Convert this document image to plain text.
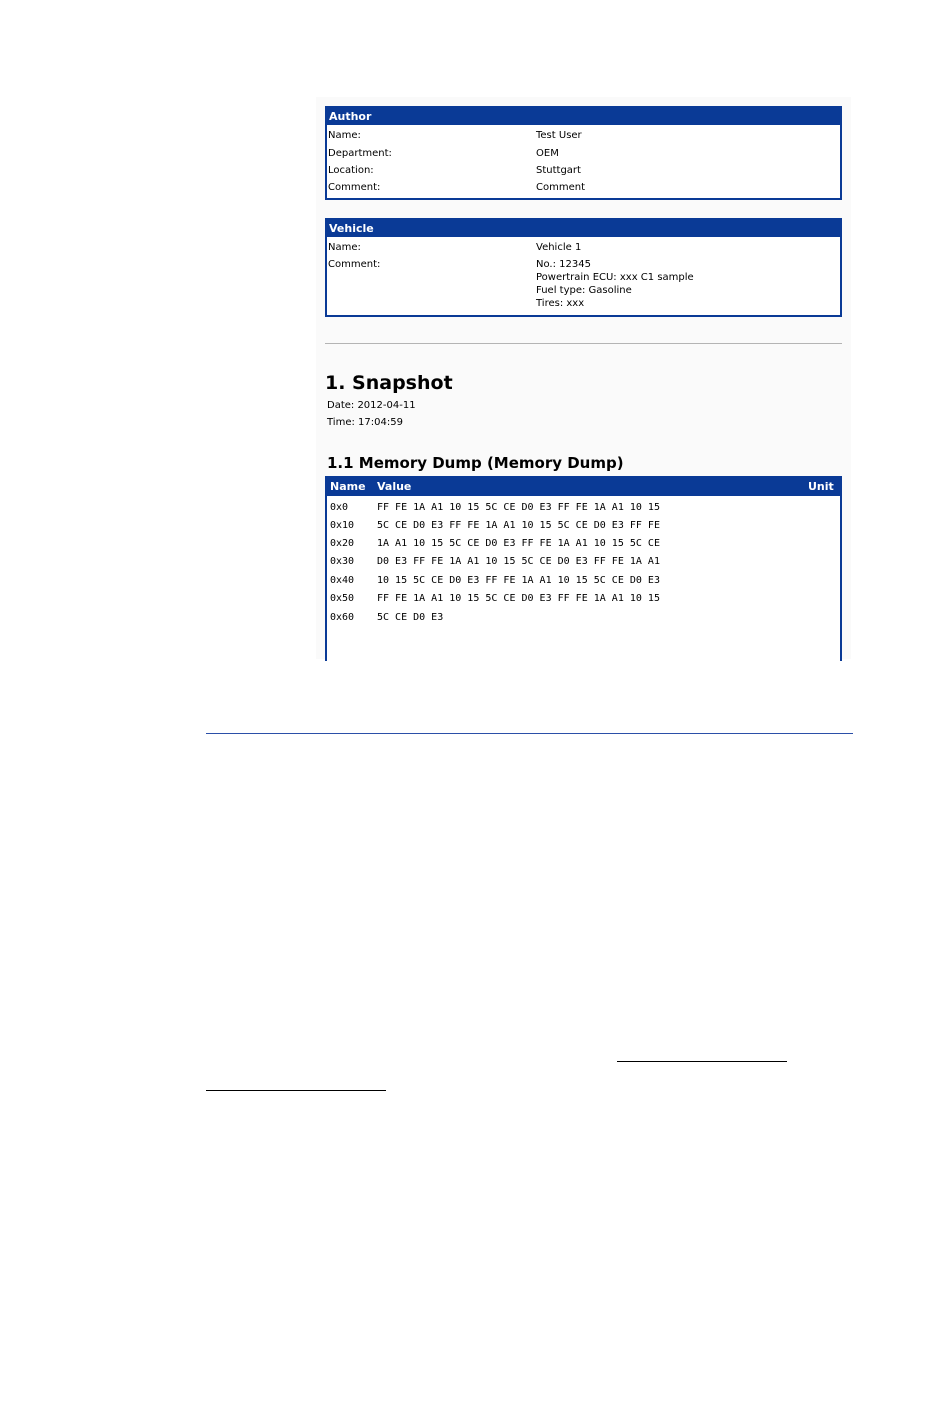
Author
Name:	Test User
Department:	OEM
Location:	Stuttgart
Comment:	Comment
Vehicle
Name:	Vehicle 1
Comment:	No.: 12345
Powertrain ECU: xxx C1 sample
Fuel type: Gasoline
Tires: xxx
1. Snapshot
Date: 2012-04-11
Time: 17:04:59
1.1 Memory Dump (Memory Dump)
Name Value	Unit
0x0	FF FE 1A A1 10 15 5C CE D0 E3 FF FE 1A A1 10 15
0x10 5C CE D0 E3 FF FE 1A A1 10 15 5C CE D0 E3 FF FE
0x20 1A A1 10 15 5C CE D0 E3 FF FE 1A A1 10 15 5C CE
0x30 D0 E3 FF FE 1A A1 10 15 5C CE D0 E3 FF FE 1A A1
0x40 10 15 5C CE D0 E3 FF FE 1A A1 10 15 5C CE D0 E3
0x50 FF FE 1A A1 10 15 5C CE D0 E3 FF FE 1A A1 10 15
0x60 5C CE D0 E3
